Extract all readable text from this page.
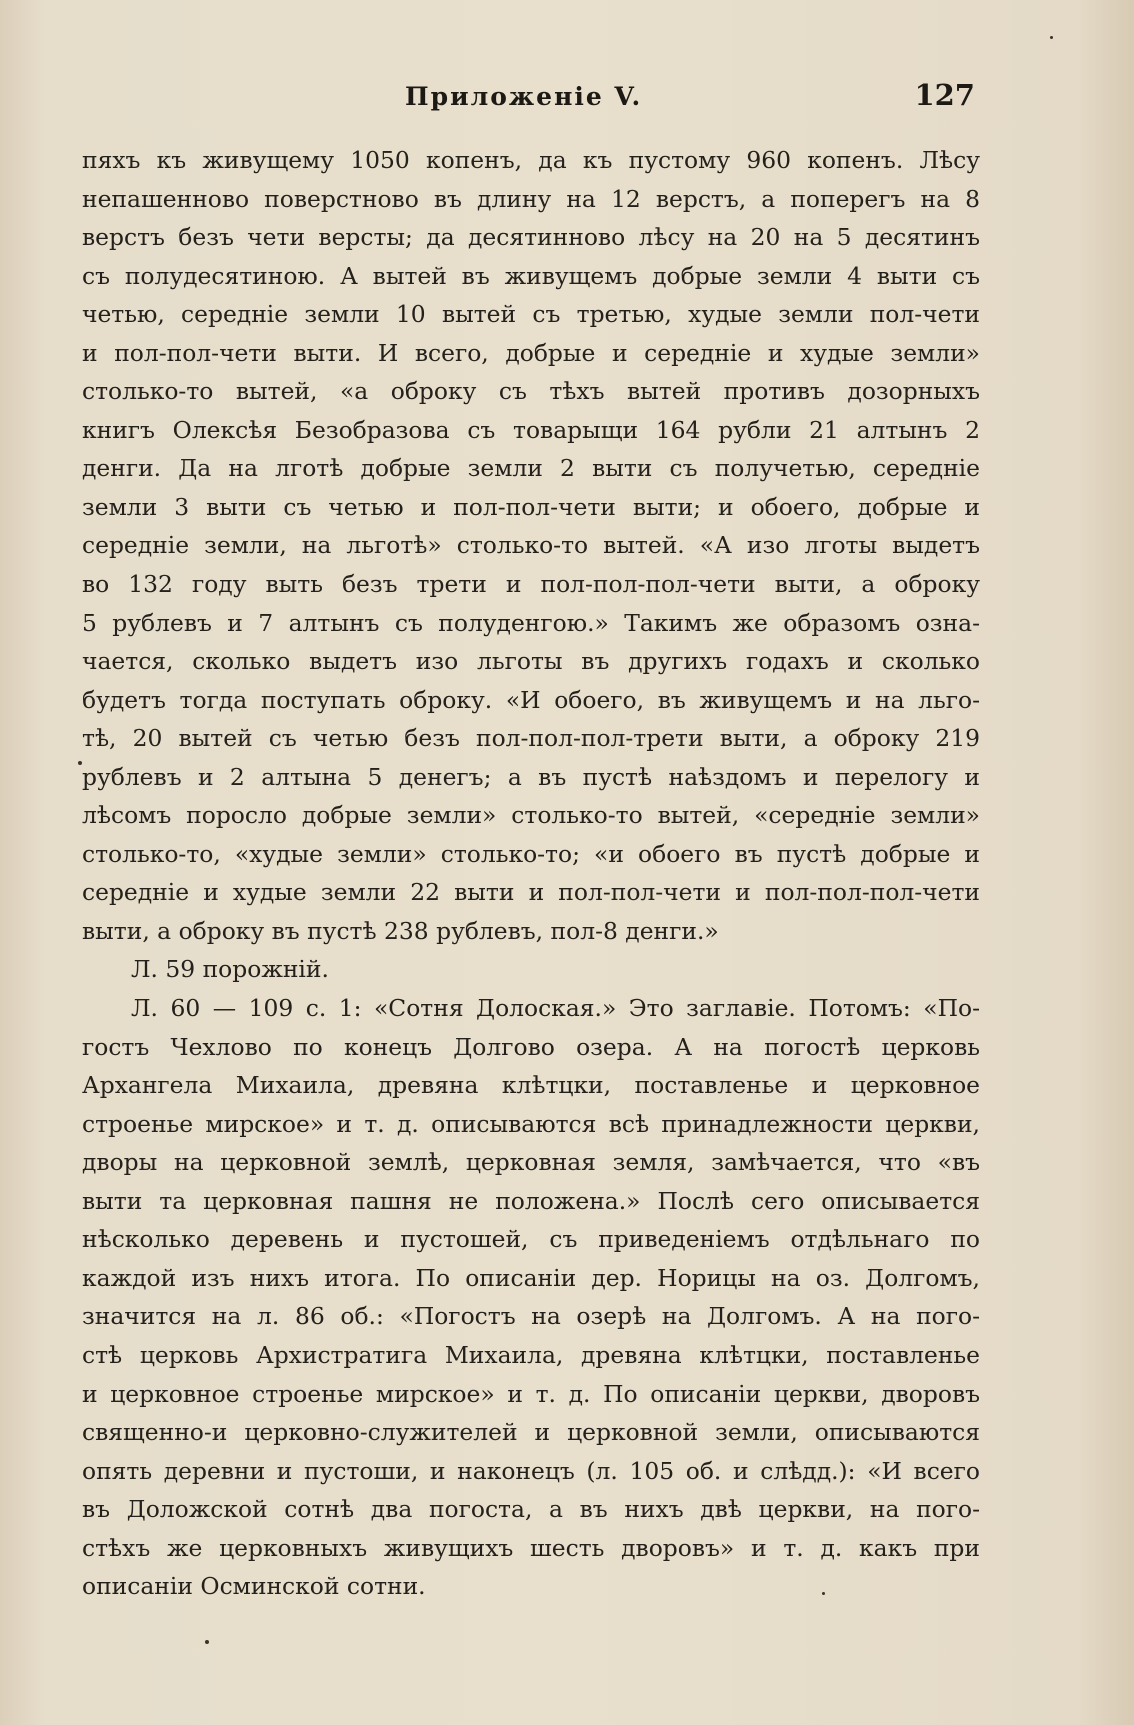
Приложенiе V.	127
пяхъ къ живущему 1050 копенъ, да къ пустому 960 копенъ. Лѣсу
непашенново поверстново въ длину на 12 верстъ, а поперегъ на 8
верстъ безъ чети версты; да десятинново лѣсу на 20 на 5 десятинъ
съ полудесятиною. А вытей въ живущемъ добрые земли 4 выти съ
четью, середнiе земли 10 вытей съ третью, худые земли пол-чети
и пол-пол-чети выти. И всего, добрые и середнiе и худые земли»
столько-то вытей, «а оброку съ тѣхъ вытей противъ дозорныхъ
книгъ Олексѣя Безобразова съ товарыщи 164 рубли 21 алтынъ 2
денги. Да на лготѣ добрые земли 2 выти съ получетью, середнiе
земли 3 выти съ четью и пол-пол-чети выти; и обоего, добрые и
середнiе земли, на льготѣ» столько-то вытей. «А изо лготы выдетъ
во 132 году выть безъ трети и пол-пол-пол-чети выти, а оброку
5 рублевъ и 7 алтынъ съ полуденгою.» Такимъ же образомъ озна-
чается, сколько выдетъ изо льготы въ другихъ годахъ и сколько
будетъ тогда поступать оброку. «И обоего, въ живущемъ и на льго-
тѣ, 20 вытей съ четью безъ пол-пол-пол-трети выти, а оброку 219
рублевъ и 2 алтына 5 денегъ; а въ пустѣ наѣздомъ и перелогу и
лѣсомъ поросло добрые земли» столько-то вытей, «середнiе земли»
столько-то, «худые земли» столько-то; «и обоего въ пустѣ добрые и
середнiе и худые земли 22 выти и пол-пол-чети и пол-пол-пол-чети
выти, а оброку въ пустѣ 238 рублевъ, пол-8 денги.»
Л. 59 порожнiй.
Л. 60 — 109 с. 1: «Сотня Долоская.» Это заглавiе. Потомъ: «По-
гостъ Чехлово по конецъ Долгово озера. А на погостѣ церковь
Архангела Михаила, древяна клѣтцки, поставленье и церковное
строенье мирское» и т. д. описываются всѣ принадлежности церкви,
дворы на церковной землѣ, церковная земля, замѣчается, что «въ
выти та церковная пашня не положена.» Послѣ сего описывается
нѣсколько деревень и пустошей, съ приведенiемъ отдѣльнаго по
каждой изъ нихъ итога. По описанiи дер. Норицы на оз. Долгомъ,
значится на л. 86 об.: «Погостъ на озерѣ на Долгомъ. А на пого-
стѣ церковь Архистратига Михаила, древяна клѣтцки, поставленье
и церковное строенье мирское» и т. д. По описанiи церкви, дворовъ
священно-и церковно-служителей и церковной земли, описываются
опять деревни и пустоши, и наконецъ (л. 105 об. и слѣдд.): «И всего
въ Доложской сотнѣ два погоста, а въ нихъ двѣ церкви, на пого-
стѣхъ же церковныхъ живущихъ шесть дворовъ» и т. д. какъ при
описанiи Осминской сотни.
